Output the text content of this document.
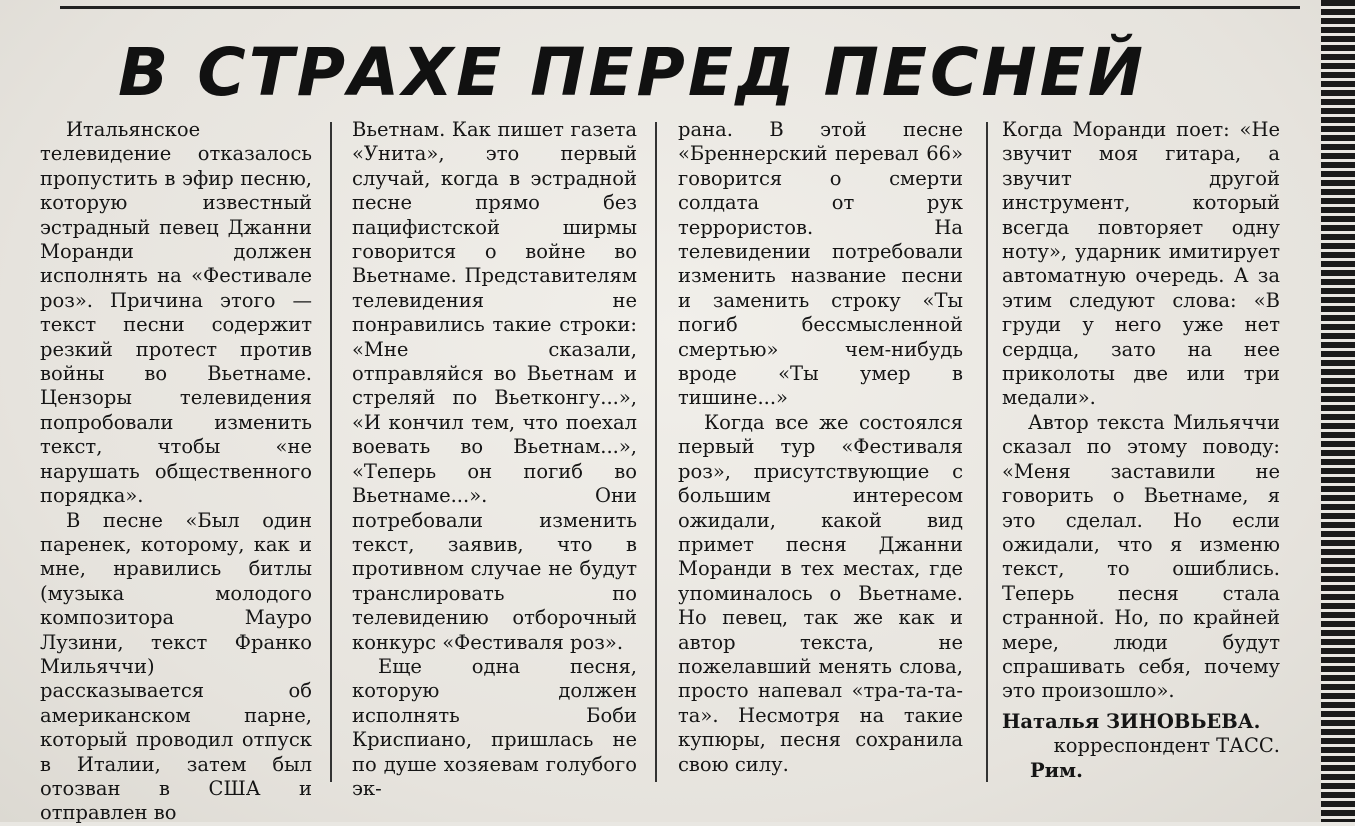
В СТРАХЕ ПЕРЕД ПЕСНЕЙ

Итальянское телевидение отказалось пропустить в эфир песню, которую известный эстрадный певец Джанни Моранди должен исполнять на «Фестивале роз». Причина этого — текст песни содержит резкий протест против войны во Вьетнаме. Цензоры телевидения попробовали изменить текст, чтобы «не нарушать общественного порядка».

В песне «Был один паренек, которому, как и мне, нравились битлы (музыка молодого композитора Мауро Лузини, текст Франко Мильяччи) рассказывается об американском парне, который проводил отпуск в Италии, затем был отозван в США и отправлен во

Вьетнам. Как пишет газета «Унита», это первый случай, когда в эстрадной песне прямо без пацифистской ширмы говорится о войне во Вьетнаме. Представителям телевидения не понравились такие строки: «Мне сказали, отправляйся во Вьетнам и стреляй по Вьетконгу...», «И кончил тем, что поехал воевать во Вьетнам...», «Теперь он погиб во Вьетнаме...». Они потребовали изменить текст, заявив, что в противном случае не будут транслировать по телевидению отборочный конкурс «Фестиваля роз».

Еще одна песня, которую должен исполнять Боби Криспиано, пришлась не по душе хозяевам голубого эк-

рана. В этой песне «Бреннерский перевал 66» говорится о смерти солдата от рук террористов. На телевидении потребовали изменить название песни и заменить строку «Ты погиб бессмысленной смертью» чем-нибудь вроде «Ты умер в тишине...»

Когда все же состоялся первый тур «Фестиваля роз», присутствующие с большим интересом ожидали, какой вид примет песня Джанни Моранди в тех местах, где упоминалось о Вьетнаме. Но певец, так же как и автор текста, не пожелавший менять слова, просто напевал «тра-та-та-та». Несмотря на такие купюры, песня сохранила свою силу.

Когда Моранди поет: «Не звучит моя гитара, а звучит другой инструмент, который всегда повторяет одну ноту», ударник имитирует автоматную очередь. А за этим следуют слова: «В груди у него уже нет сердца, зато на нее приколоты две или три медали».

Автор текста Мильяччи сказал по этому поводу: «Меня заставили не говорить о Вьетнаме, я это сделал. Но если ожидали, что я изменю текст, то ошиблись. Теперь песня стала странной. Но, по крайней мере, люди будут спрашивать себя, почему это произошло».

Наталья ЗИНОВЬЕВА.
корреспондент ТАСС.
Рим.
